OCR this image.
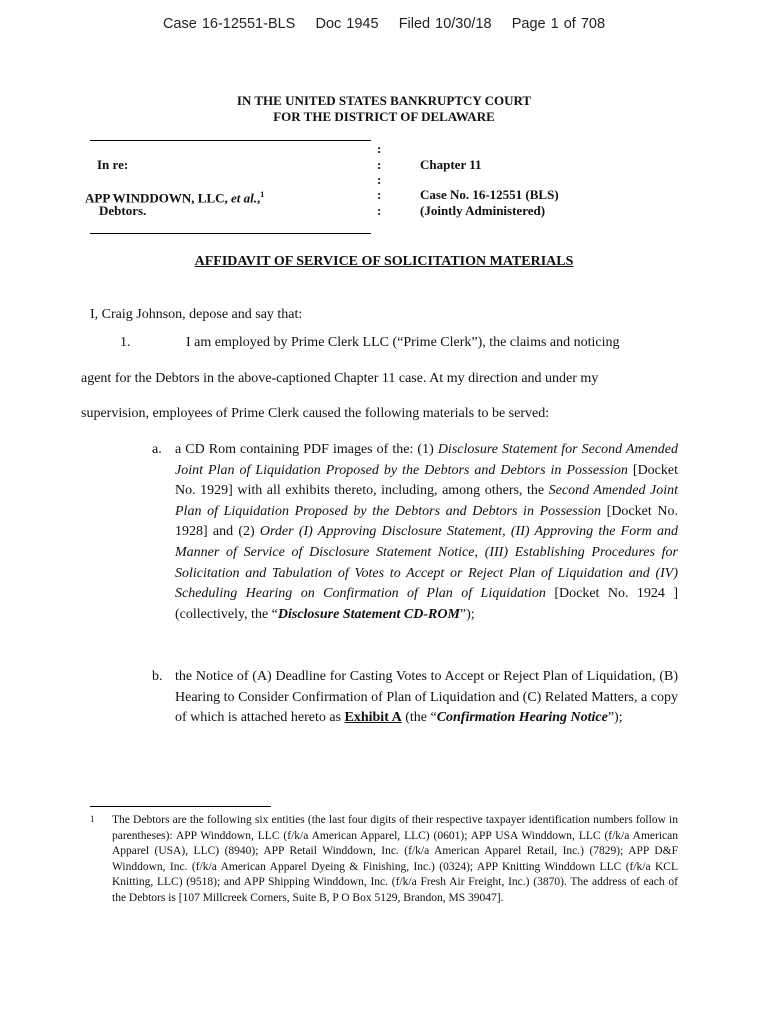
Case 16-12551-BLS Doc 1945 Filed 10/30/18 Page 1 of 708
IN THE UNITED STATES BANKRUPTCY COURT
FOR THE DISTRICT OF DELAWARE
In re:
APP WINDDOWN, LLC, et al.,$^1$
Debtors.
:
:
:
:
:
Chapter 11
Case No. 16-12551 (BLS)
(Jointly Administered)
AFFIDAVIT OF SERVICE OF SOLICITATION MATERIALS
I, Craig Johnson, depose and say that:
1.	I am employed by Prime Clerk LLC (“Prime Clerk”), the claims and noticing
agent for the Debtors in the above-captioned Chapter 11 case. At my direction and under my
supervision, employees of Prime Clerk caused the following materials to be served:
a. a CD Rom containing PDF images of the: (1) Disclosure Statement for Second Amended Joint Plan of Liquidation Proposed by the Debtors and Debtors in Possession [Docket No. 1929] with all exhibits thereto, including, among others, the Second Amended Joint Plan of Liquidation Proposed by the Debtors and Debtors in Possession [Docket No. 1928] and (2) Order (I) Approving Disclosure Statement, (II) Approving the Form and Manner of Service of Disclosure Statement Notice, (III) Establishing Procedures for Solicitation and Tabulation of Votes to Accept or Reject Plan of Liquidation and (IV) Scheduling Hearing on Confirmation of Plan of Liquidation [Docket No. 1924 ] (collectively, the “Disclosure Statement CD-ROM”);
b. the Notice of (A) Deadline for Casting Votes to Accept or Reject Plan of Liquidation, (B) Hearing to Consider Confirmation of Plan of Liquidation and (C) Related Matters, a copy of which is attached hereto as Exhibit A (the “Confirmation Hearing Notice”);
1 The Debtors are the following six entities (the last four digits of their respective taxpayer identification numbers follow in parentheses): APP Winddown, LLC (f/k/a American Apparel, LLC) (0601); APP USA Winddown, LLC (f/k/a American Apparel (USA), LLC) (8940); APP Retail Winddown, Inc. (f/k/a American Apparel Retail, Inc.) (7829); APP D&F Winddown, Inc. (f/k/a American Apparel Dyeing & Finishing, Inc.) (0324); APP Knitting Winddown LLC (f/k/a KCL Knitting, LLC) (9518); and APP Shipping Winddown, Inc. (f/k/a Fresh Air Freight, Inc.) (3870). The address of each of the Debtors is [107 Millcreek Corners, Suite B, P O Box 5129, Brandon, MS 39047].
